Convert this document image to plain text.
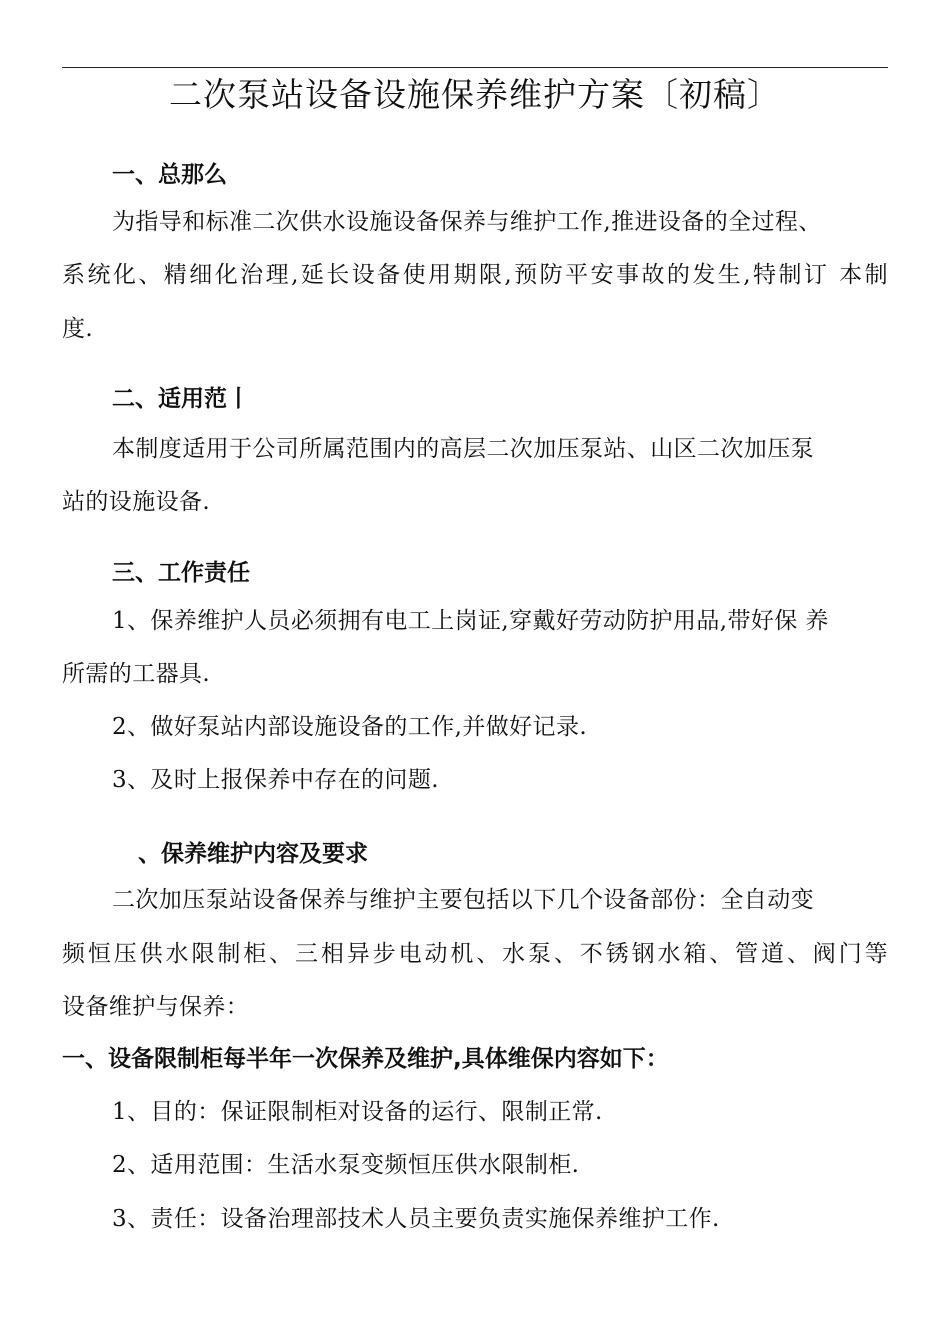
二次泵站设备设施保养维护方案〔初稿〕
一、总那么
为指导和标准二次供水设施设备保养与维护工作,推进设备的全过程、
系统化、精细化治理,延长设备使用期限,预防平安事故的发生,特制订 本制
度.
二、适用范丨
本制度适用于公司所属范围内的高层二次加压泵站、山区二次加压泵
站的设施设备.
三、工作责任
1、保养维护人员必须拥有电工上岗证,穿戴好劳动防护用品,带好保 养
所需的工器具.
2、做好泵站内部设施设备的工作,并做好记录.
3、及时上报保养中存在的问题.
、保养维护内容及要求
二次加压泵站设备保养与维护主要包括以下几个设备部份：全自动变
频恒压供水限制柜、三相异步电动机、水泵、不锈钢水箱、管道、阀门等
设备维护与保养：
一、设备限制柜每半年一次保养及维护,具体维保内容如下：
1、目的：保证限制柜对设备的运行、限制正常.
2、适用范围：生活水泵变频恒压供水限制柜.
3、责任：设备治理部技术人员主要负责实施保养维护工作.
